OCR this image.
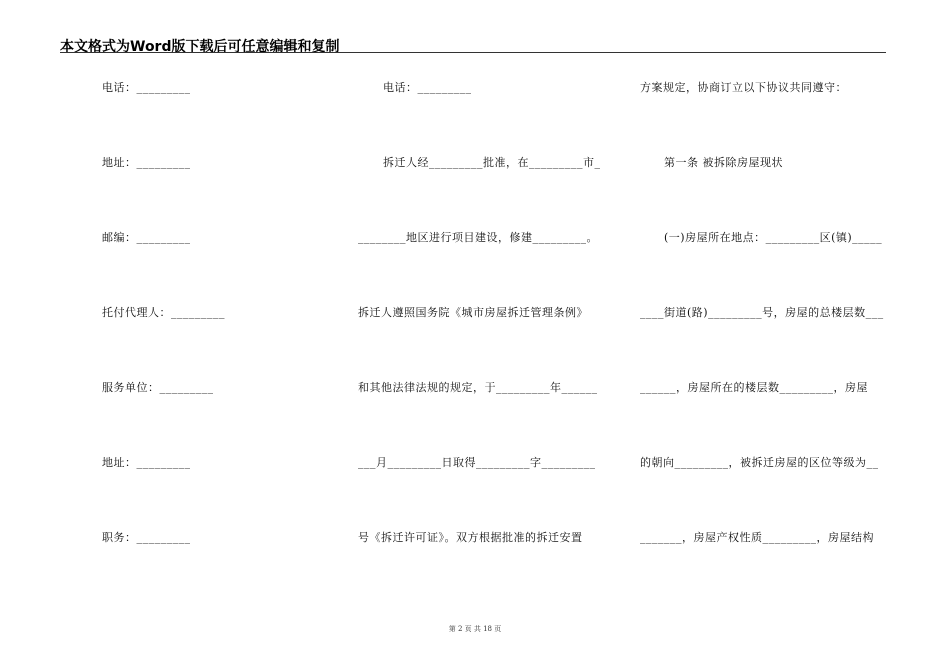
本文格式为Word版下载后可任意编辑和复制
电话：_________
地址：_________
邮编：_________
托付代理人：_________
服务单位：_________
地址：_________
职务：_________
电话：_________
拆迁人经_________批准，在_________市_
________地区进行项目建设，修建_________。
拆迁人遵照国务院《城市房屋拆迁管理条例》
和其他法律法规的规定，于_________年______
___月_________日取得_________字_________
号《拆迁许可证》。双方根据批准的拆迁安置
方案规定，协商订立以下协议共同遵守：
第一条 被拆除房屋现状
(一)房屋所在地点：_________区(镇)_____
____街道(路)_________号，房屋的总楼层数___
______，房屋所在的楼层数_________，房屋
的朝向_________，被拆迁房屋的区位等级为__
_______，房屋产权性质_________，房屋结构
第 2 页 共 18 页
